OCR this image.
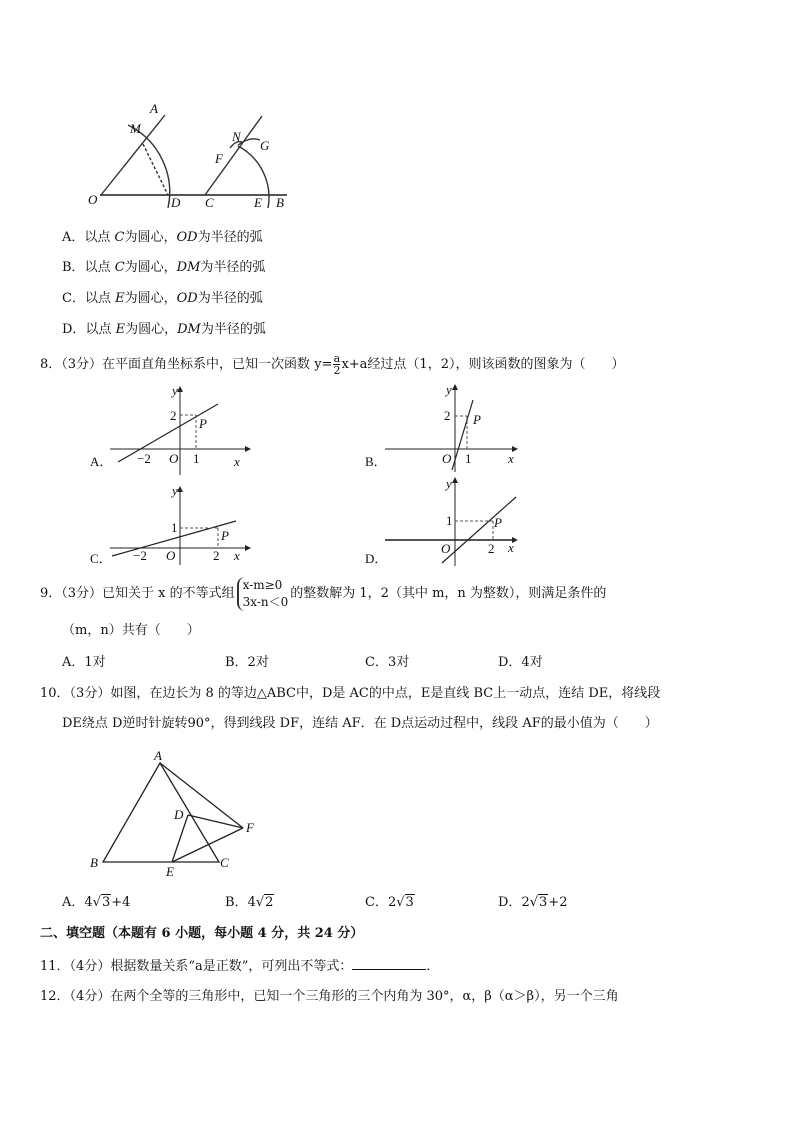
A
M
O	D C
N
G
F
E B
y
x
O
P
2
1
−2
A．
y
x
O
P
2
1
B．
y
x
O
P
1
2
−2
C．
y
x
O
P
1
2
D．
A
B	C
D
E
F
A．以点 C为圆心，OD为半径的弧
B．以点 C为圆心，DM为半径的弧
C．以点 E为圆心，OD为半径的弧
D．以点 E为圆心，DM为半径的弧
8．（3分）在平面直角坐标系中，已知一次函数 $y= \frac{a}{2} x+a$经过点（1，2），则该函数的图象为（　　）
9．（3分）已知关于 x 的不等式组
x-m≥0
3x-n＜0
的整数解为 1，2（其中 m，n 为整数），则满足条件的
（m，n）共有（　　）
A．1对	B．2对	C．3对	D．4对
10．（3分）如图，在边长为 8 的等边△ABC中，D是 AC的中点，E是直线 BC上一动点，连结 DE，将线段
DE绕点 D逆时针旋转90°，得到线段 DF，连结 AF．在 D点运动过程中，线段 AF的最小值为（　　）
A．4√3+4	B．4√2	C．2√3	D．2√3+2
二、填空题（本题有 6 小题，每小题 4 分，共 24 分）
11．（4分）根据数量关系“a是正数”，可列出不等式：	．
12．（4分）在两个全等的三角形中，已知一个三角形的三个内角为 30°，α，β（α＞β），另一个三角
